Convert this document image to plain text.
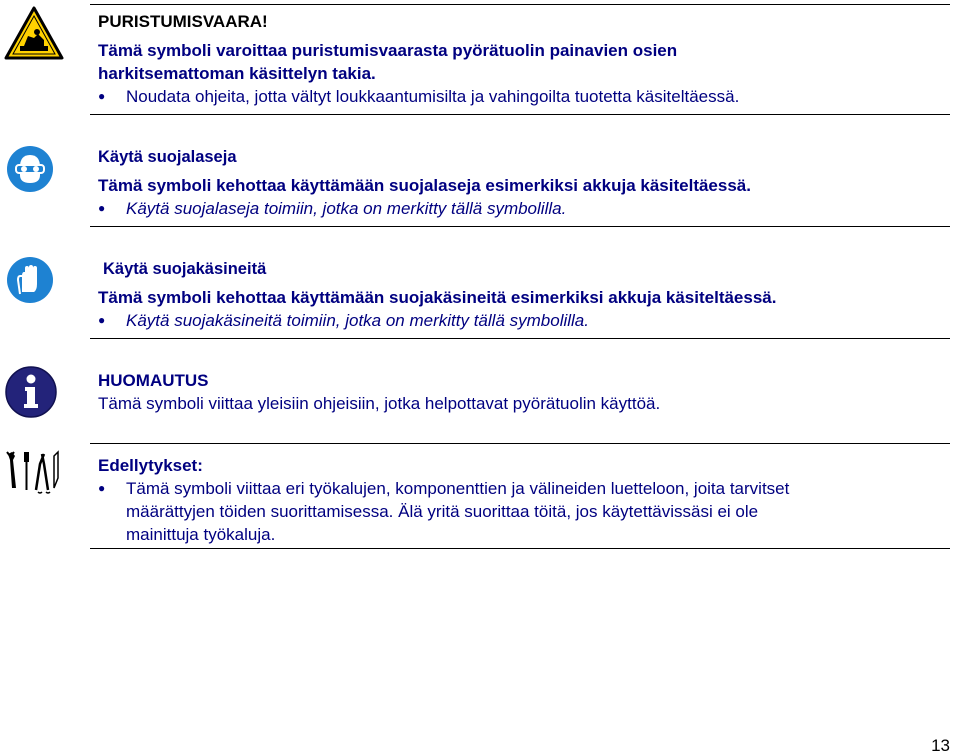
PURISTUMISVAARA!
Tämä symboli varoittaa puristumisvaarasta pyörätuolin painavien osien
harkitsemattoman käsittelyn takia.
● Noudata ohjeita, jotta vältyt loukkaantumisilta ja vahingoilta tuotetta käsiteltäessä.
Käytä suojalaseja
Tämä symboli kehottaa käyttämään suojalaseja esimerkiksi akkuja käsiteltäessä.
● Käytä suojalaseja toimiin, jotka on merkitty tällä symbolilla.
Käytä suojakäsineitä
Tämä symboli kehottaa käyttämään suojakäsineitä esimerkiksi akkuja käsiteltäessä.
● Käytä suojakäsineitä toimiin, jotka on merkitty tällä symbolilla.
HUOMAUTUS
Tämä symboli viittaa yleisiin ohjeisiin, jotka helpottavat pyörätuolin käyttöä.
Edellytykset:
● Tämä symboli viittaa eri työkalujen, komponenttien ja välineiden luetteloon, joita tarvitset
määrättyjen töiden suorittamisessa. Älä yritä suorittaa töitä, jos käytettävissäsi ei ole
mainittuja työkaluja.
13
